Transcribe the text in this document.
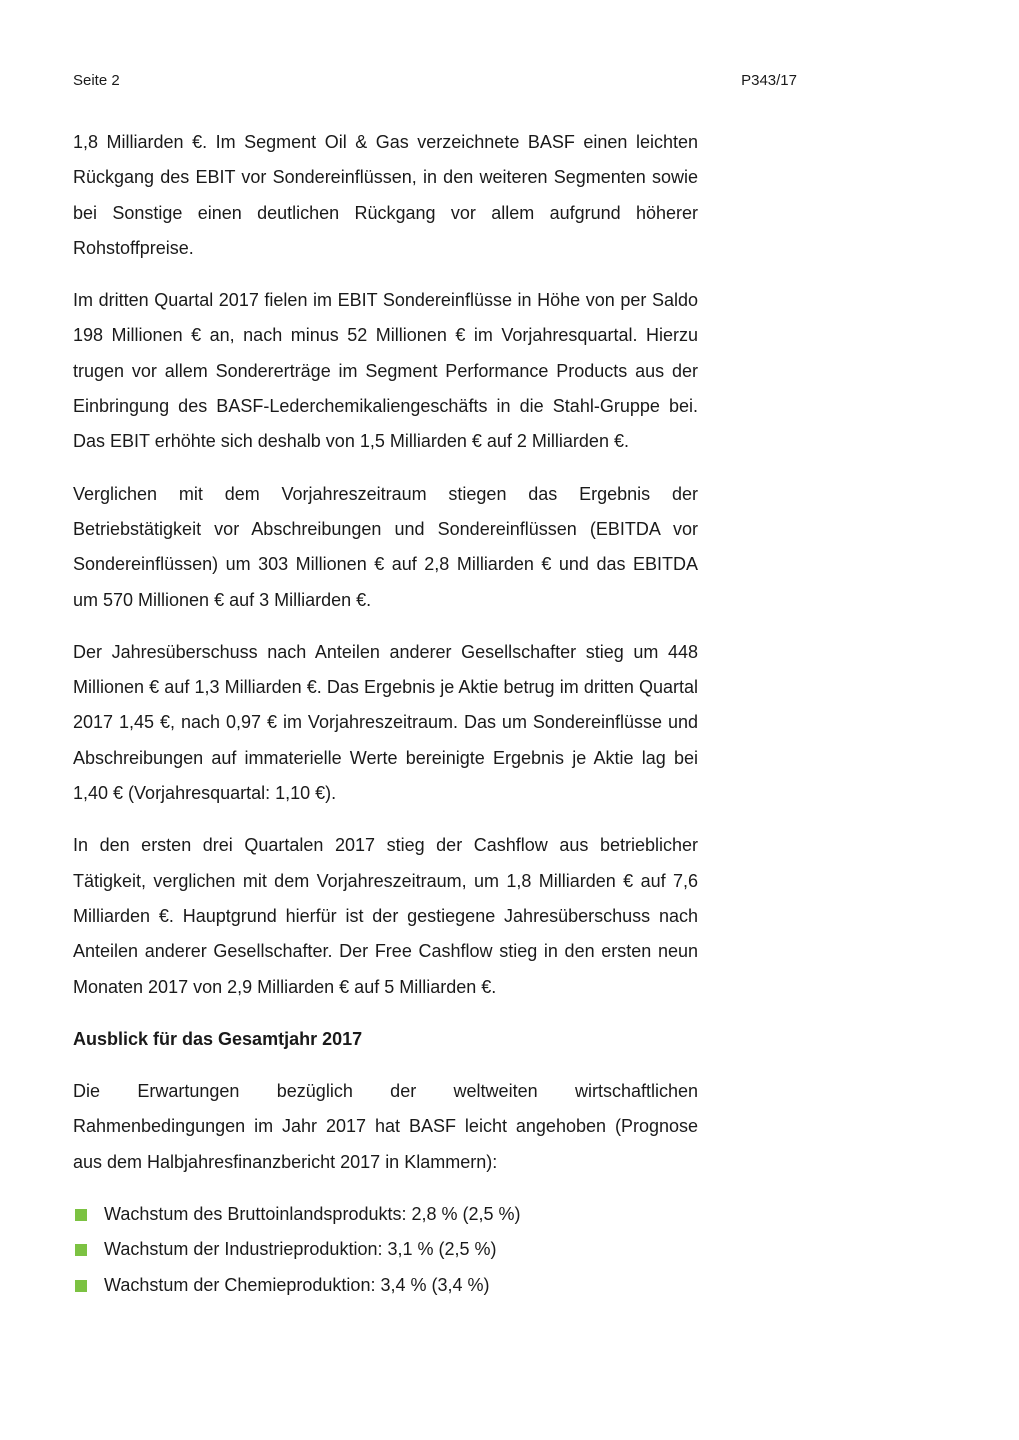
Seite 2	P343/17

1,8 Milliarden €. Im Segment Oil & Gas verzeichnete BASF einen leichten Rückgang des EBIT vor Sondereinflüssen, in den weiteren Segmenten sowie bei Sonstige einen deutlichen Rückgang vor allem aufgrund höherer Rohstoffpreise.

Im dritten Quartal 2017 fielen im EBIT Sondereinflüsse in Höhe von per Saldo 198 Millionen € an, nach minus 52 Millionen € im Vorjahresquartal. Hierzu trugen vor allem Sondererträge im Segment Performance Products aus der Einbringung des BASF-Lederchemikaliengeschäfts in die Stahl-Gruppe bei. Das EBIT erhöhte sich deshalb von 1,5 Milliarden € auf 2 Milliarden €.

Verglichen mit dem Vorjahreszeitraum stiegen das Ergebnis der Betriebstätigkeit vor Abschreibungen und Sondereinflüssen (EBITDA vor Sondereinflüssen) um 303 Millionen € auf 2,8 Milliarden € und das EBITDA um 570 Millionen € auf 3 Milliarden €.

Der Jahresüberschuss nach Anteilen anderer Gesellschafter stieg um 448 Millionen € auf 1,3 Milliarden €. Das Ergebnis je Aktie betrug im dritten Quartal 2017 1,45 €, nach 0,97 € im Vorjahreszeitraum. Das um Sondereinflüsse und Abschreibungen auf immaterielle Werte bereinigte Ergebnis je Aktie lag bei 1,40 € (Vorjahresquartal: 1,10 €).

In den ersten drei Quartalen 2017 stieg der Cashflow aus betrieblicher Tätigkeit, verglichen mit dem Vorjahreszeitraum, um 1,8 Milliarden € auf 7,6 Milliarden €. Hauptgrund hierfür ist der gestiegene Jahresüberschuss nach Anteilen anderer Gesellschafter. Der Free Cashflow stieg in den ersten neun Monaten 2017 von 2,9 Milliarden € auf 5 Milliarden €.

Ausblick für das Gesamtjahr 2017

Die Erwartungen bezüglich der weltweiten wirtschaftlichen Rahmenbedingungen im Jahr 2017 hat BASF leicht angehoben (Prognose aus dem Halbjahresfinanzbericht 2017 in Klammern):

Wachstum des Bruttoinlandsprodukts: 2,8 % (2,5 %)
Wachstum der Industrieproduktion: 3,1 % (2,5 %)
Wachstum der Chemieproduktion: 3,4 % (3,4 %)
